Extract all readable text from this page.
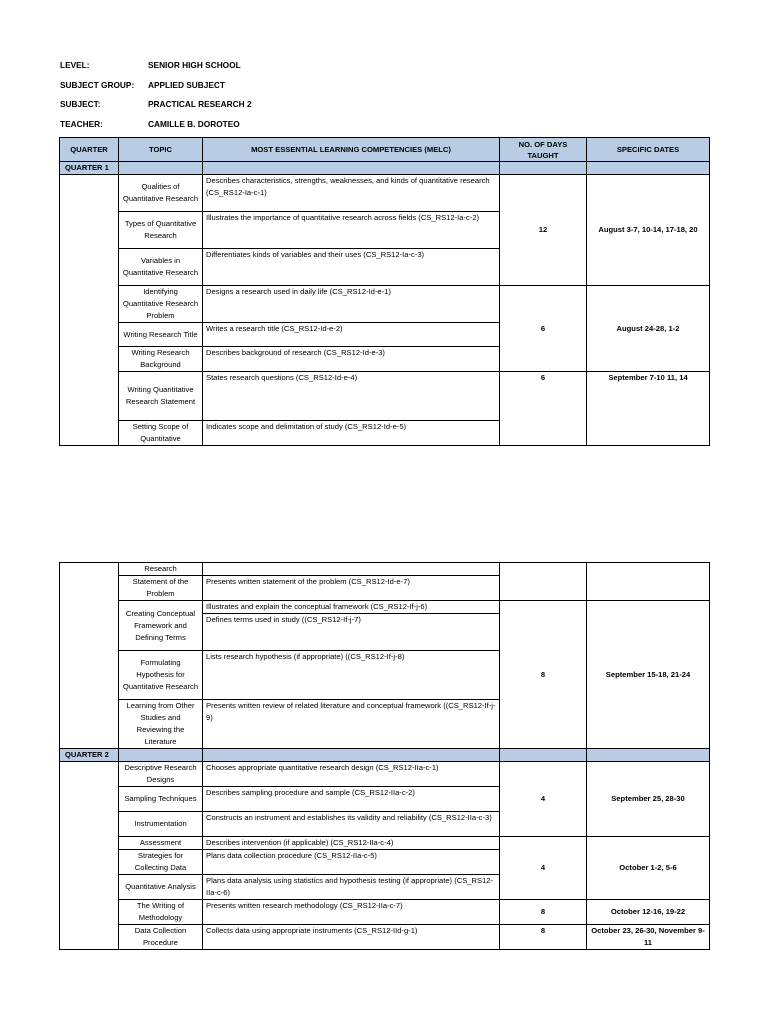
LEVEL:	SENIOR HIGH SCHOOL
SUBJECT GROUP: APPLIED SUBJECT
SUBJECT:	PRACTICAL RESEARCH 2
TEACHER:	CAMILLE B. DOROTEO
QUARTER	TOPIC	MOST ESSENTIAL LEARNING COMPETENCIES (MELC)	NO. OF DAYS TAUGHT	SPECIFIC DATES
QUARTER 1				
	Qualities of Quantitative Research	Describes characteristics, strengths, weaknesses, and kinds of quantitative research (CS_RS12-Ia-c-1)	12	August 3-7, 10-14, 17-18, 20
	Types of Quantitative Research	Illustrates the importance of quantitative research across fields (CS_RS12-Ia-c-2)		
	Variables in Quantitative Research	Differentiates kinds of variables and their uses (CS_RS12-Ia-c-3)		
	Identifying Quantitative Research Problem	Designs a research used in daily life (CS_RS12-Id-e-1)	6	August 24-28, 1-2
	Writing Research Title	Writes a research title (CS_RS12-Id-e-2)		
	Writing Research Background	Describes background of research (CS_RS12-Id-e-3)		
	Writing Quantitative Research Statement	States research questions (CS_RS12-Id-e-4)	6	September 7-10 11, 14
	Setting Scope of Quantitative	Indicates scope and delimitation of study (CS_RS12-Id-e-5)		
	Research			
	Statement of the Problem	Presents written statement of the problem (CS_RS12-Id-e-7)		
	Creating Conceptual Framework and Defining Terms	Illustrates and explain the conceptual framework (CS_RS12-If-j-6)	8	September 15-18, 21-24
		Defines terms used in study ((CS_RS12-If-j-7)		
	Formulating Hypothesis for Quantitative Research	Lists research hypothesis (if appropriate) ((CS_RS12-If-j-8)		
	Learning from Other Studies and Reviewing the Literature	Presents written review of related literature and conceptual framework ((CS_RS12-If-j-9)		
QUARTER 2				
	Descriptive Research Designs	Chooses appropriate quantitative research design (CS_RS12-IIa-c-1)	4	September 25, 28-30
	Sampling Techniques	Describes sampling procedure and sample (CS_RS12-IIa-c-2)		
	Instrumentation	Constructs an instrument and establishes its validity and reliability (CS_RS12-IIa-c-3)		
	Assessment	Describes intervention (if applicable) (CS_RS12-IIa-c-4)	4	October 1-2, 5-6
	Strategies for Collecting Data	Plans data collection procedure (CS_RS12-IIa-c-5)		
	Quantitative Analysis	Plans data analysis using statistics and hypothesis testing (if appropriate) (CS_RS12-IIa-c-6)		
	The Writing of Methodology	Presents written research methodology (CS_RS12-IIa-c-7)	8	October 12-16, 19-22
	Data Collection Procedure	Collects data using appropriate instruments (CS_RS12-IId-g-1)	8	October 23, 26-30, November 9-11
